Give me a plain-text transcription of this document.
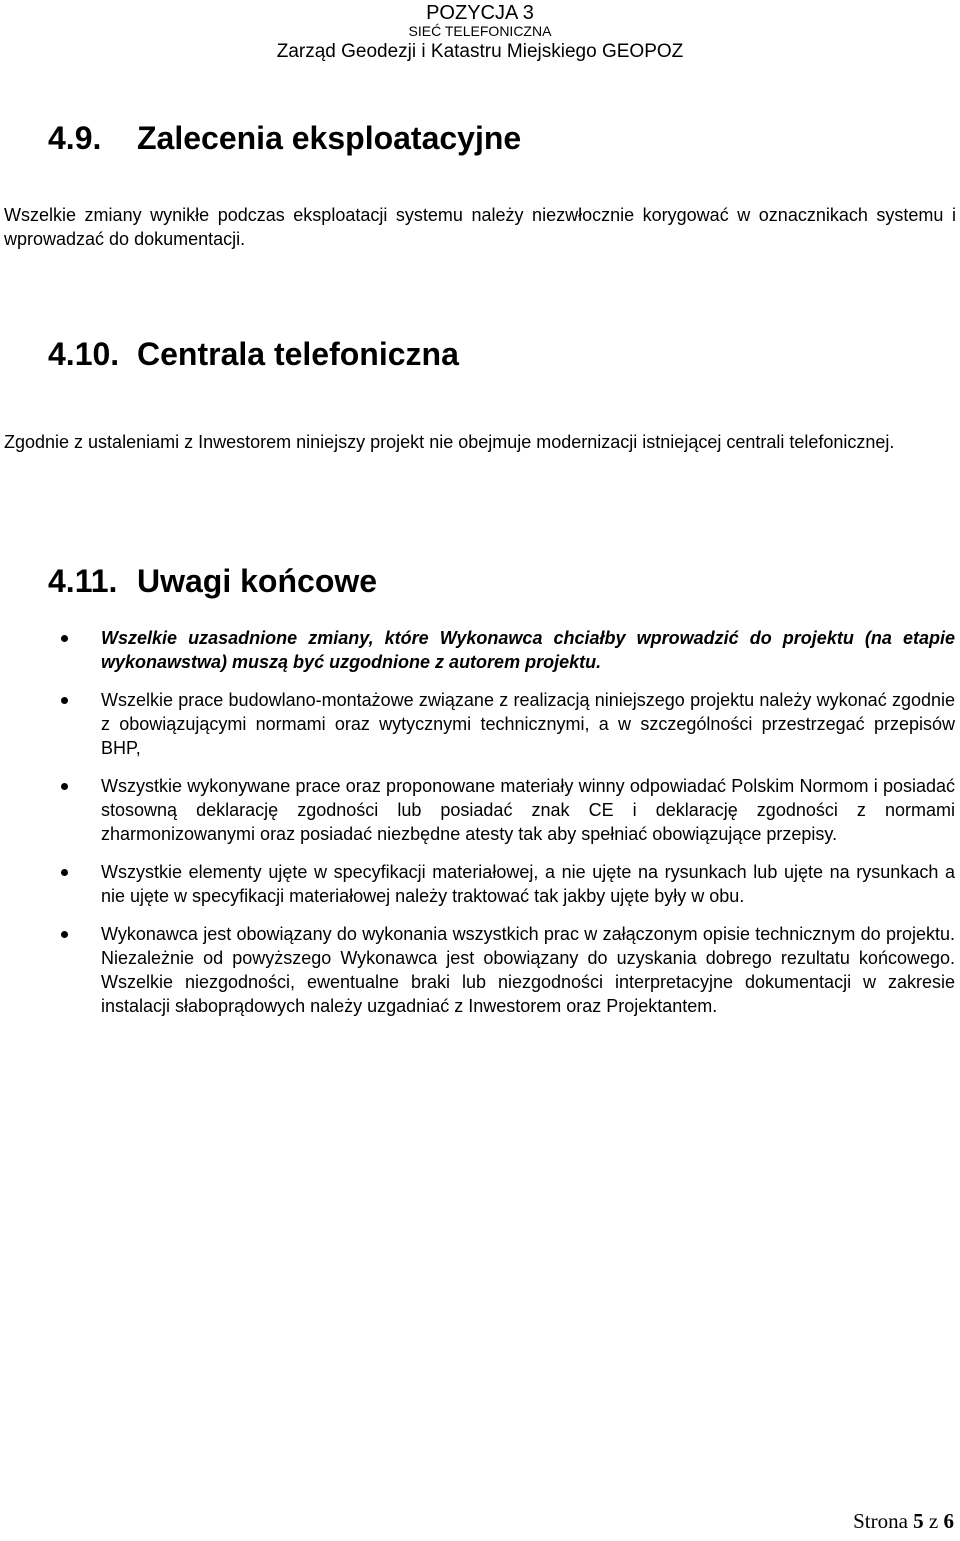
POZYCJA 3
SIEĆ TELEFONICZNA
Zarząd Geodezji i Katastru Miejskiego GEOPOZ
4.9. Zalecenia eksploatacyjne

Wszelkie zmiany wynikłe podczas eksploatacji systemu należy niezwłocznie korygować w oznacznikach systemu i wprowadzać do dokumentacji.

4.10. Centrala telefoniczna

Zgodnie z ustaleniami z Inwestorem niniejszy projekt nie obejmuje modernizacji istniejącej centrali telefonicznej.

4.11. Uwagi końcowe
Wszelkie uzasadnione zmiany, które Wykonawca chciałby wprowadzić do projektu (na etapie wykonawstwa) muszą być uzgodnione z autorem projektu.
Wszelkie prace budowlano-montażowe związane z realizacją niniejszego projektu należy wykonać zgodnie z obowiązującymi normami oraz wytycznymi technicznymi, a w szczególności przestrzegać przepisów BHP,
Wszystkie wykonywane prace oraz proponowane materiały winny odpowiadać Polskim Normom i posiadać stosowną deklarację zgodności lub posiadać znak CE i deklarację zgodności z normami zharmonizowanymi oraz posiadać niezbędne atesty tak aby spełniać obowiązujące przepisy.
Wszystkie elementy ujęte w specyfikacji materiałowej, a nie ujęte na rysunkach lub ujęte na rysunkach a nie ujęte w specyfikacji materiałowej należy traktować tak jakby ujęte były w obu.
Wykonawca jest obowiązany do wykonania wszystkich prac w załączonym opisie technicznym do projektu. Niezależnie od powyższego Wykonawca jest obowiązany do uzyskania dobrego rezultatu końcowego. Wszelkie niezgodności, ewentualne braki lub niezgodności interpretacyjne dokumentacji w zakresie instalacji słaboprądowych należy uzgadniać z Inwestorem oraz Projektantem.
Strona 5 z 6
